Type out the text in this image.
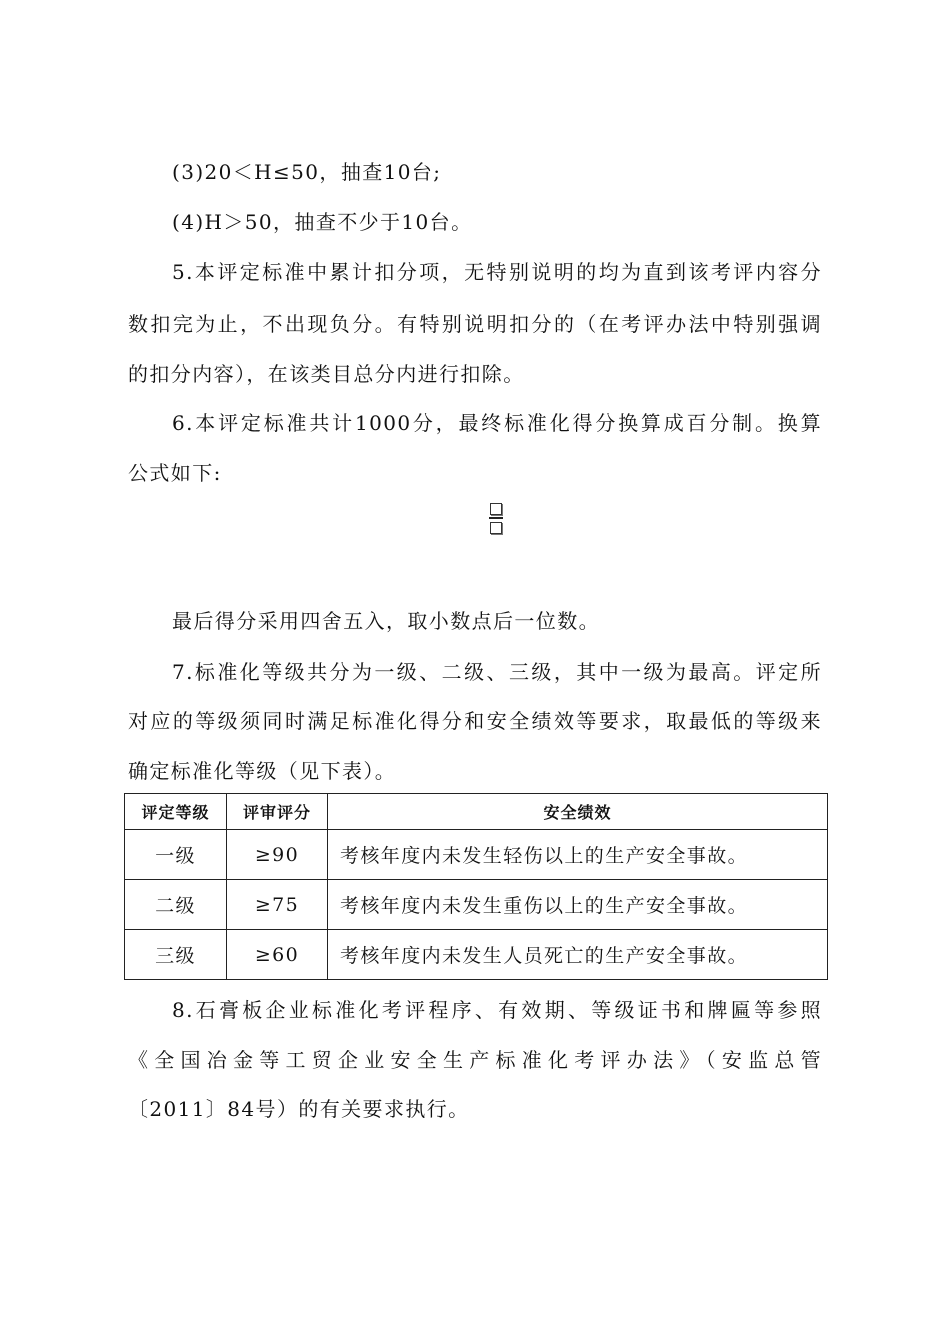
(3)20＜H≤50，抽查10台;
(4)H＞50，抽查不少于10台。
5.本评定标准中累计扣分项，无特别说明的均为直到该考评内容分
数扣完为止，不出现负分。有特别说明扣分的（在考评办法中特别强调
的扣分内容），在该类目总分内进行扣除。
6.本评定标准共计1000分，最终标准化得分换算成百分制。换算
公式如下:
最后得分采用四舍五入，取小数点后一位数。
7.标准化等级共分为一级、二级、三级，其中一级为最高。评定所
对应的等级须同时满足标准化得分和安全绩效等要求，取最低的等级来
确定标准化等级（见下表）。
评定等级	评审评分	安全绩效
一级	≥90	考核年度内未发生轻伤以上的生产安全事故。
二级	≥75	考核年度内未发生重伤以上的生产安全事故。
三级	≥60	考核年度内未发生人员死亡的生产安全事故。
8.石膏板企业标准化考评程序、有效期、等级证书和牌匾等参照
《全国冶金等工贸企业安全生产标准化考评办法》（安监总管
〔2011〕84号）的有关要求执行。
